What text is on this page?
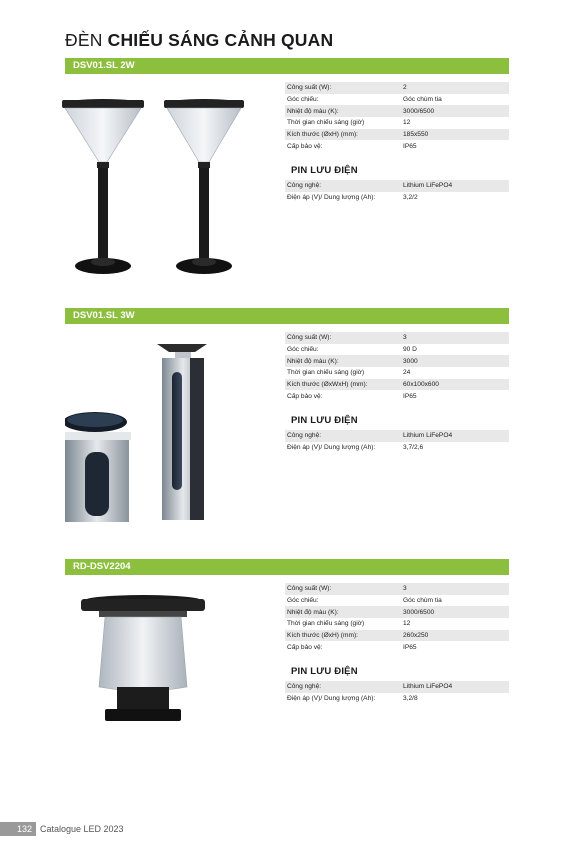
ĐÈN CHIẾU SÁNG CẢNH QUAN
DSV01.SL 2W
Công suất (W):	2
Góc chiếu:	Góc chùm tia
Nhiệt độ màu (K):	3000/6500
Thời gian chiếu sáng (giờ)	12
Kích thước (ØxH) (mm):	185x550
Cấp bảo vệ:	IP65
PIN LƯU ĐIỆN
Công nghệ:	Lithium LiFePO4
Điện áp (V)/ Dung lượng (Ah):	3,2/2
DSV01.SL 3W
Công suất (W):	3
Góc chiếu:	90 D
Nhiệt độ màu (K):	3000
Thời gian chiếu sáng (giờ)	24
Kích thước (ØxWxH) (mm):	60x100x600
Cấp bảo vệ:	IP65
PIN LƯU ĐIỆN
Công nghệ:	Lithium LiFePO4
Điện áp (V)/ Dung lượng (Ah):	3,7/2,6
RD-DSV2204
Công suất (W):	3
Góc chiếu:	Góc chùm tia
Nhiệt độ màu (K):	3000/6500
Thời gian chiếu sáng (giờ)	12
Kích thước (ØxH) (mm):	260x250
Cấp bảo vệ:	IP65
PIN LƯU ĐIỆN
Công nghệ:	Lithium LiFePO4
Điện áp (V)/ Dung lượng (Ah):	3,2/8
132 Catalogue LED 2023
